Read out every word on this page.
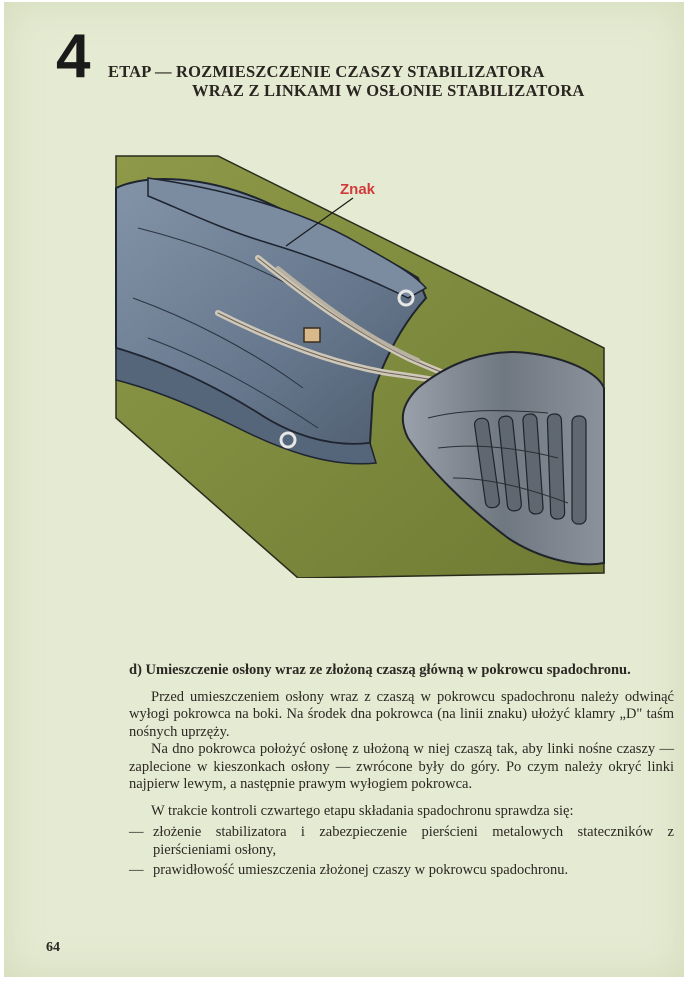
4 ETAP — ROZMIESZCZENIE CZASZY STABILIZATORA
WRAZ Z LINKAMI W OSŁONIE STABILIZATORA
Znak

d) Umieszczenie osłony wraz ze złożoną czaszą główną w pokrowcu spadochronu.

Przed umieszczeniem osłony wraz z czaszą w pokrowcu spadochronu należy odwinąć wyłogi pokrowca na boki. Na środek dna pokrowca (na linii znaku) ułożyć klamry „D" taśm nośnych uprzęży.

Na dno pokrowca położyć osłonę z ułożoną w niej czaszą tak, aby linki nośne czaszy — zaplecione w kieszonkach osłony — zwrócone były do góry. Po czym należy okryć linki najpierw lewym, a następnie prawym wyłogiem pokrowca.

W trakcie kontroli czwartego etapu składania spadochronu sprawdza się:

— złożenie stabilizatora i zabezpieczenie pierścieni metalowych stateczników z pierścieniami osłony,
— prawidłowość umieszczenia złożonej czaszy w pokrowcu spadochronu.
64
